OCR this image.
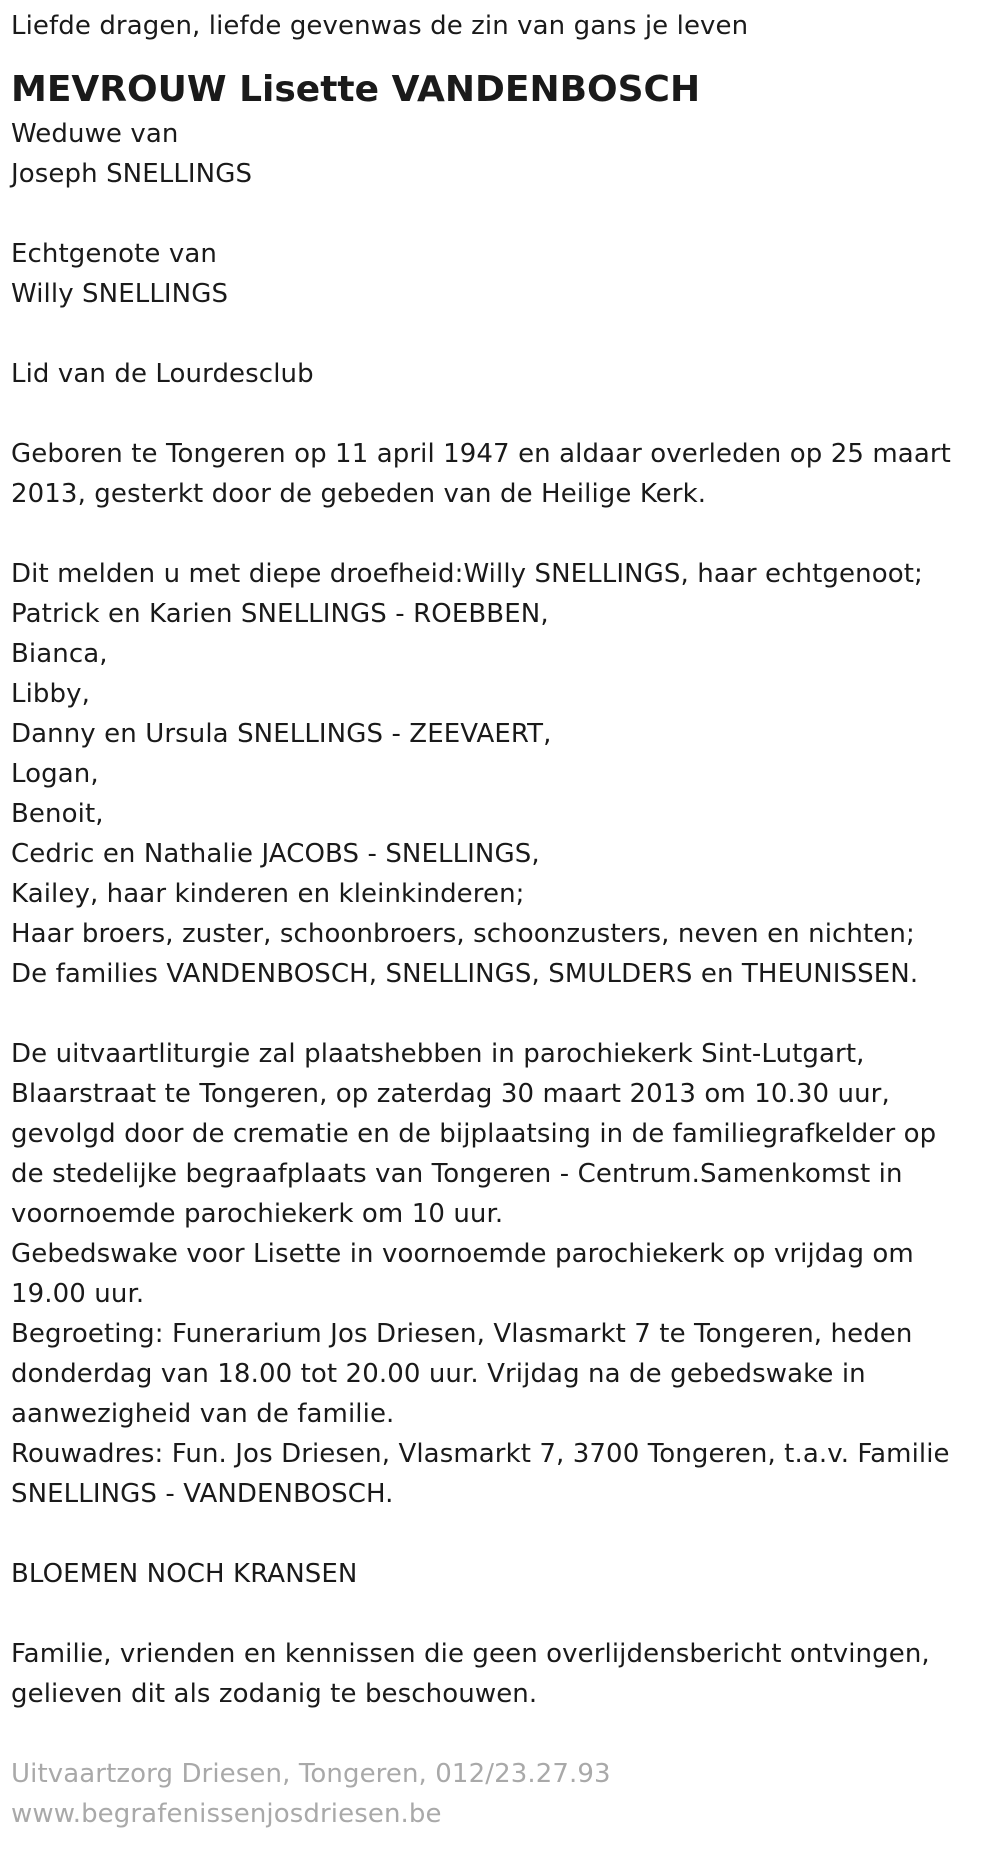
Liefde dragen, liefde gevenwas de zin van gans je leven
MEVROUW Lisette VANDENBOSCH
Weduwe van
Joseph SNELLINGS
Echtgenote van
Willy SNELLINGS
Lid van de Lourdesclub
Geboren te Tongeren op 11 april 1947 en aldaar overleden op 25 maart
2013, gesterkt door de gebeden van de Heilige Kerk.
Dit melden u met diepe droefheid:Willy SNELLINGS, haar echtgenoot;
Patrick en Karien SNELLINGS - ROEBBEN,
Bianca,
Libby,
Danny en Ursula SNELLINGS - ZEEVAERT,
Logan,
Benoit,
Cedric en Nathalie JACOBS - SNELLINGS,
Kailey, haar kinderen en kleinkinderen;
Haar broers, zuster, schoonbroers, schoonzusters, neven en nichten;
De families VANDENBOSCH, SNELLINGS, SMULDERS en THEUNISSEN.
De uitvaartliturgie zal plaatshebben in parochiekerk Sint-Lutgart,
Blaarstraat te Tongeren, op zaterdag 30 maart 2013 om 10.30 uur,
gevolgd door de crematie en de bijplaatsing in de familiegrafkelder op
de stedelijke begraafplaats van Tongeren - Centrum.Samenkomst in
voornoemde parochiekerk om 10 uur.
Gebedswake voor Lisette in voornoemde parochiekerk op vrijdag om
19.00 uur.
Begroeting: Funerarium Jos Driesen, Vlasmarkt 7 te Tongeren, heden
donderdag van 18.00 tot 20.00 uur. Vrijdag na de gebedswake in
aanwezigheid van de familie.
Rouwadres: Fun. Jos Driesen, Vlasmarkt 7, 3700 Tongeren, t.a.v. Familie
SNELLINGS - VANDENBOSCH.
BLOEMEN NOCH KRANSEN
Familie, vrienden en kennissen die geen overlijdensbericht ontvingen,
gelieven dit als zodanig te beschouwen.
Uitvaartzorg Driesen, Tongeren, 012/23.27.93
www.begrafenissenjosdriesen.be
